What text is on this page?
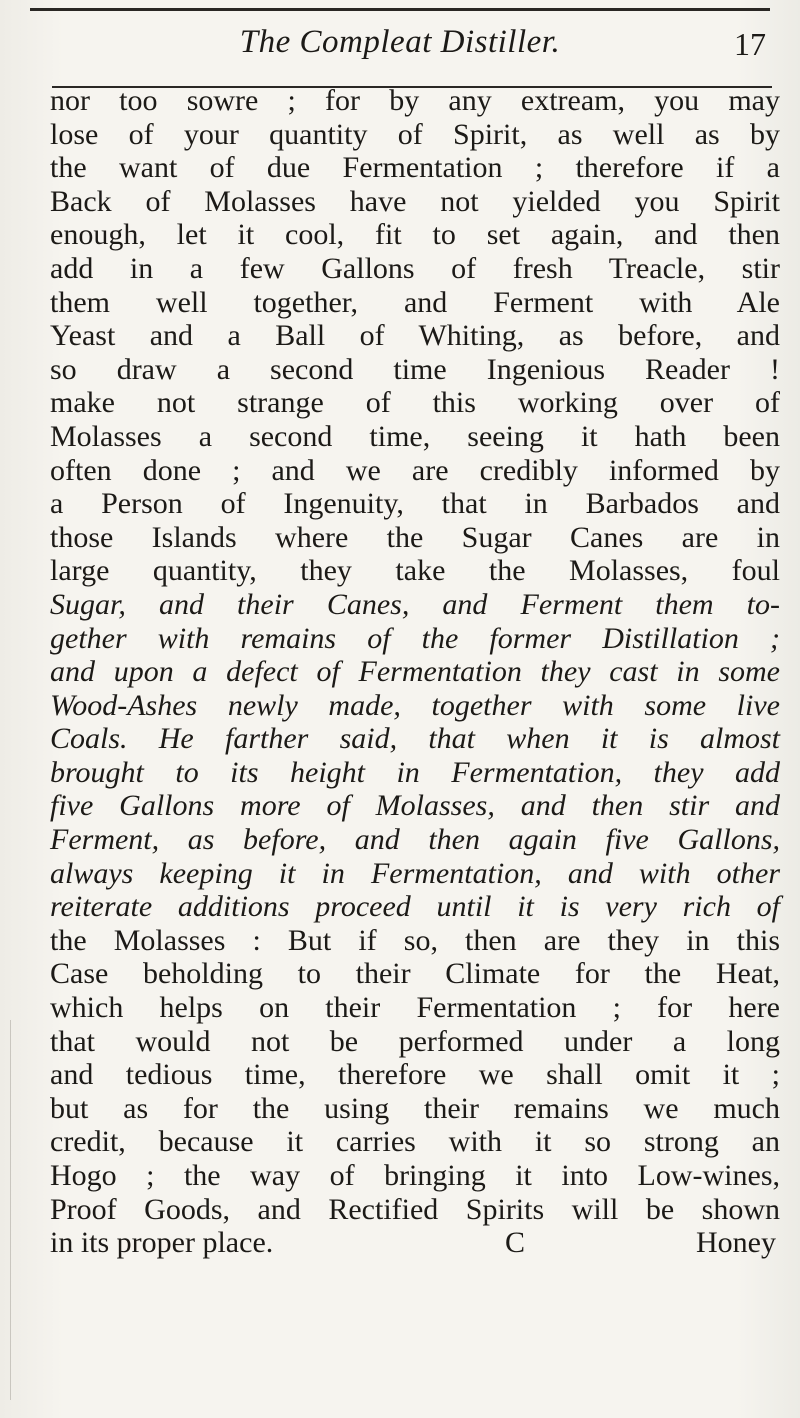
The Compleat Distiller.	17
nor too sowre ; for by any extream, you may
lose of your quantity of Spirit, as well as by
the want of due Fermentation ; therefore if a
Back of Molasses have not yielded you Spirit
enough, let it cool, fit to set again, and then
add in a few Gallons of fresh Treacle, stir
them well together, and Ferment with Ale
Yeast and a Ball of Whiting, as before, and
so draw a second time Ingenious Reader !
make not strange of this working over of
Molasses a second time, seeing it hath been
often done ; and we are credibly informed by
a Person of Ingenuity, that in Barbados and
those Islands where the Sugar Canes are in
large quantity, they take the Molasses, foul
Sugar, and their Canes, and Ferment them to-
gether with remains of the former Distillation ;
and upon a defect of Fermentation they cast in some
Wood-Ashes newly made, together with some live
Coals. He farther said, that when it is almost
brought to its height in Fermentation, they add
five Gallons more of Molasses, and then stir and
Ferment, as before, and then again five Gallons,
always keeping it in Fermentation, and with other
reiterate additions proceed until it is very rich of
the Molasses : But if so, then are they in this
Case beholding to their Climate for the Heat,
which helps on their Fermentation ; for here
that would not be performed under a long
and tedious time, therefore we shall omit it ;
but as for the using their remains we much
credit, because it carries with it so strong an
Hogo ; the way of bringing it into Low-wines,
Proof Goods, and Rectified Spirits will be shown
in its proper place.	C	Honey
